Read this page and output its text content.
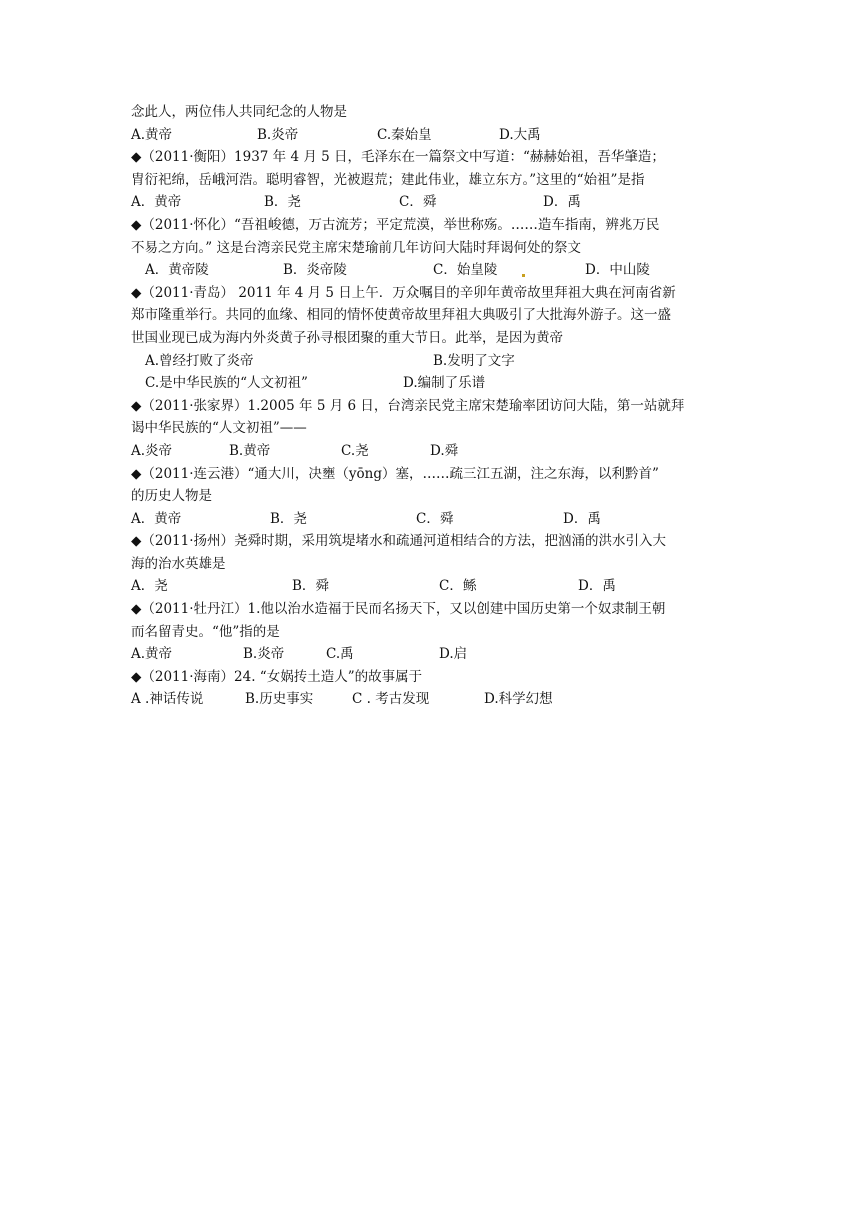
念此人，两位伟人共同纪念的人物是
A.黄帝	B.炎帝	C.秦始皇	D.大禹
◆（2011·衡阳）1937 年 4 月 5 日，毛泽东在一篇祭文中写道：“赫赫始祖，吾华肇造；
胄衍祀绵，岳峨河浩。聪明睿智，光被遐荒；建此伟业，雄立东方。”这里的“始祖”是指
A．黄帝	B．尧	C．舜	D．禹
◆（2011·怀化）“吾祖峻德，万古流芳；平定荒漠，举世称殇。……造车指南，辨兆万民
不易之方向。” 这是台湾亲民党主席宋楚瑜前几年访问大陆时拜谒何处的祭文
A．黄帝陵	B．炎帝陵	C．始皇陵	D．中山陵
◆（2011·青岛） 2011 年 4 月 5 日上午．万众嘱目的辛卯年黄帝故里拜祖大典在河南省新
郑市隆重举行。共同的血缘、相同的情怀使黄帝故里拜祖大典吸引了大批海外游子。这一盛
世国业现已成为海内外炎黄子孙寻根团聚的重大节日。此举，是因为黄帝
A.曾经打败了炎帝	B.发明了文字
C.是中华民族的“人文初祖”	D.编制了乐谱
◆（2011·张家界）1.2005 年 5 月 6 日，台湾亲民党主席宋楚瑜率团访问大陆，第一站就拜
谒中华民族的“人文初祖”——
A.炎帝	B.黄帝	C.尧	D.舜
◆（2011·连云港）“通大川，决壅（yōng）塞，……疏三江五湖，注之东海，以利黔首”
的历史人物是
A．黄帝	B．尧	C．舜	D．禹
◆（2011·扬州）尧舜时期，采用筑堤堵水和疏通河道相结合的方法，把汹涌的洪水引入大
海的治水英雄是
A．尧	B．舜	C．鲧	D．禹
◆（2011·牡丹江）1.他以治水造福于民而名扬天下，又以创建中国历史第一个奴隶制王朝
而名留青史。“他”指的是
A.黄帝	B.炎帝	C.禹	D.启
◆（2011·海南）24. “女娲抟土造人”的故事属于
A .神话传说	B.历史事实	C . 考古发现	D.科学幻想
